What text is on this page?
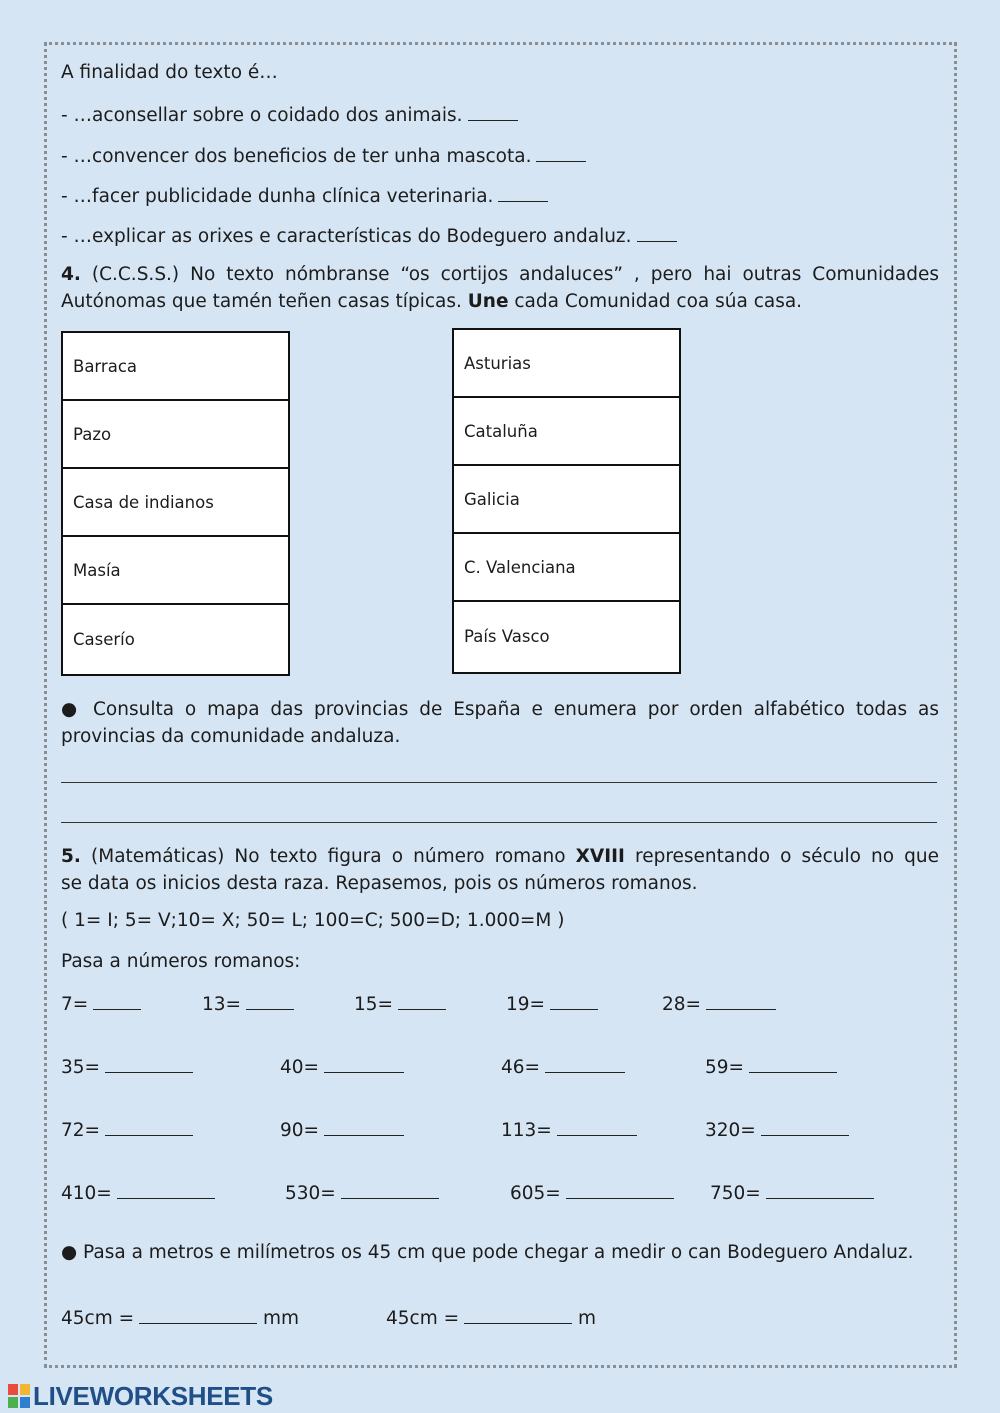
A finalidad do texto é…
- …aconsellar sobre o coidado dos animais.
- …convencer dos beneficios de ter unha mascota.
- …facer publicidade dunha clínica veterinaria.
- …explicar as orixes e características do Bodeguero andaluz.
4. (C.C.S.S.) No texto nómbranse “os cortijos andaluces” , pero hai outras Comunidades
Autónomas que tamén teñen casas típicas. Une cada Comunidad coa súa casa.
Barraca
Pazo
Casa de indianos
Masía
Caserío
Asturias
Cataluña
Galicia
C. Valenciana
País Vasco
● Consulta o mapa das provincias de España e enumera por orden alfabético todas as
provincias da comunidade andaluza.
5. (Matemáticas) No texto figura o número romano XVIII representando o século no que
se data os inicios desta raza. Repasemos, pois os números romanos.
( 1= I; 5= V;10= X; 50= L; 100=C; 500=D; 1.000=M )
Pasa a números romanos:
7=	13=	15=	19=	28=
35=	40=	46=	59=
72=	90=	113=	320=
410=	530=	605=	750=
● Pasa a metros e milímetros os 45 cm que pode chegar a medir o can Bodeguero Andaluz.
45cm =	mm	45cm =	m
LIVEWORKSHEETS
